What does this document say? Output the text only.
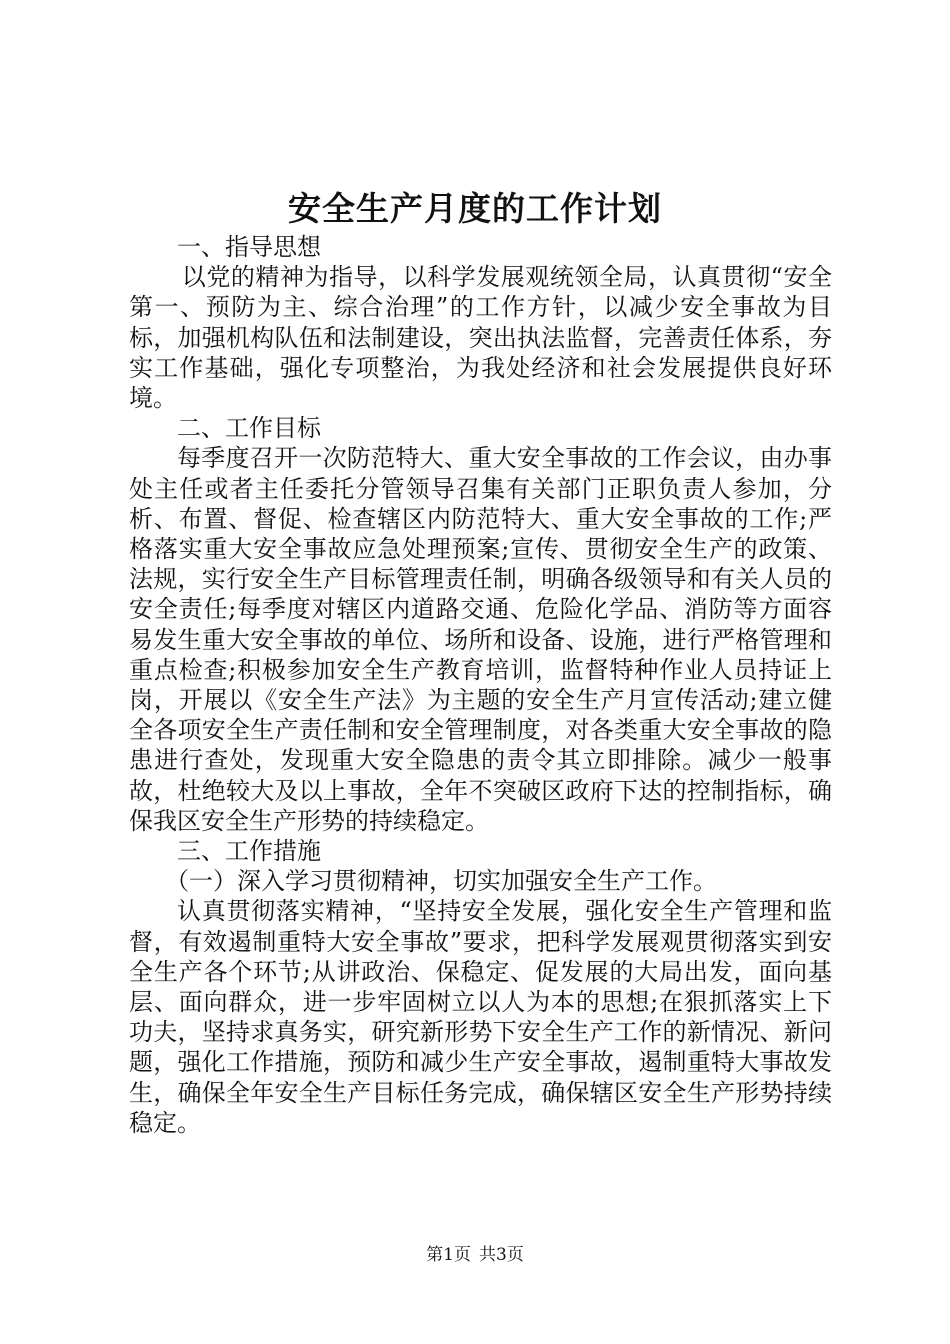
安全生产月度的工作计划

一、指导思想

以党的精神为指导，以科学发展观统领全局，认真贯彻“安全第一、预防为主、综合治理”的工作方针，以减少安全事故为目标，加强机构队伍和法制建设，突出执法监督，完善责任体系，夯实工作基础，强化专项整治，为我处经济和社会发展提供良好环境。

二、工作目标

每季度召开一次防范特大、重大安全事故的工作会议，由办事处主任或者主任委托分管领导召集有关部门正职负责人参加，分析、布置、督促、检查辖区内防范特大、重大安全事故的工作;严格落实重大安全事故应急处理预案;宣传、贯彻安全生产的政策、法规，实行安全生产目标管理责任制，明确各级领导和有关人员的安全责任;每季度对辖区内道路交通、危险化学品、消防等方面容易发生重大安全事故的单位、场所和设备、设施，进行严格管理和重点检查;积极参加安全生产教育培训，监督特种作业人员持证上岗，开展以《安全生产法》为主题的安全生产月宣传活动;建立健全各项安全生产责任制和安全管理制度，对各类重大安全事故的隐患进行查处，发现重大安全隐患的责令其立即排除。减少一般事故，杜绝较大及以上事故，全年不突破区政府下达的控制指标，确保我区安全生产形势的持续稳定。

三、工作措施

（一）深入学习贯彻精神，切实加强安全生产工作。

认真贯彻落实精神，“坚持安全发展，强化安全生产管理和监督，有效遏制重特大安全事故”要求，把科学发展观贯彻落实到安全生产各个环节;从讲政治、保稳定、促发展的大局出发，面向基层、面向群众，进一步牢固树立以人为本的思想;在狠抓落实上下功夫，坚持求真务实，研究新形势下安全生产工作的新情况、新问题，强化工作措施，预防和减少生产安全事故，遏制重特大事故发生，确保全年安全生产目标任务完成，确保辖区安全生产形势持续稳定。

第1页 共3页
